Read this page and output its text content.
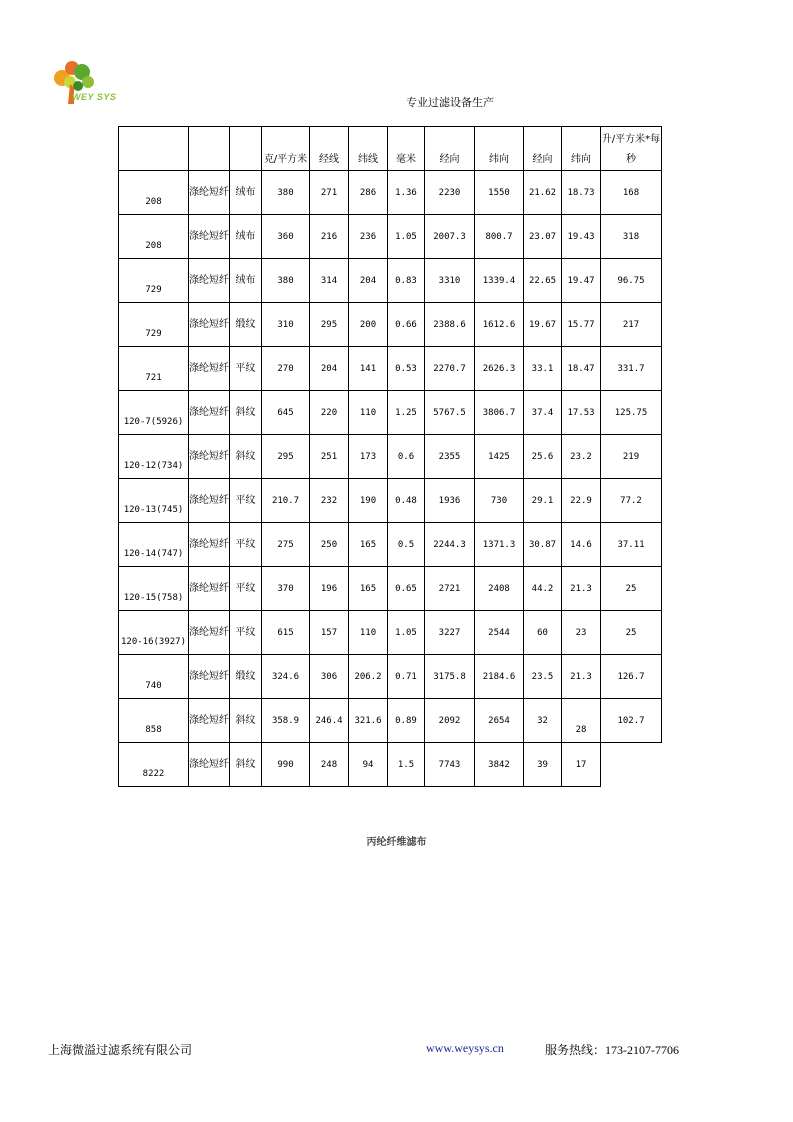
WEY SYS	专业过滤设备生产
			克/平方米	经线	纬线	毫米	经向	纬向	经向	纬向	升/平方米*每秒
208	涤纶短纤	绒布	380	271	286	1.36	2230	1550	21.62	18.73	168
208	涤纶短纤	绒布	360	216	236	1.05	2007.3	800.7	23.07	19.43	318
729	涤纶短纤	绒布	380	314	204	0.83	3310	1339.4	22.65	19.47	96.75
729	涤纶短纤	缎纹	310	295	200	0.66	2388.6	1612.6	19.67	15.77	217
721	涤纶短纤	平纹	270	204	141	0.53	2270.7	2626.3	33.1	18.47	331.7
120-7(5926)	涤纶短纤	斜纹	645	220	110	1.25	5767.5	3806.7	37.4	17.53	125.75
120-12(734)	涤纶短纤	斜纹	295	251	173	0.6	2355	1425	25.6	23.2	219
120-13(745)	涤纶短纤	平纹	210.7	232	190	0.48	1936	730	29.1	22.9	77.2
120-14(747)	涤纶短纤	平纹	275	250	165	0.5	2244.3	1371.3	30.87	14.6	37.11
120-15(758)	涤纶短纤	平纹	370	196	165	0.65	2721	2408	44.2	21.3	25
120-16(3927)	涤纶短纤	平纹	615	157	110	1.05	3227	2544	60	23	25
740	涤纶短纤	缎纹	324.6	306	206.2	0.71	3175.8	2184.6	23.5	21.3	126.7
858	涤纶短纤	斜纹	358.9	246.4	321.6	0.89	2092	2654	32	28	102.7
8222	涤纶短纤	斜纹	990	248	94	1.5	7743	3842	39	17	
丙纶纤维滤布
上海微溢过滤系统有限公司	www.weysys.cn	服务热线：173-2107-7706
